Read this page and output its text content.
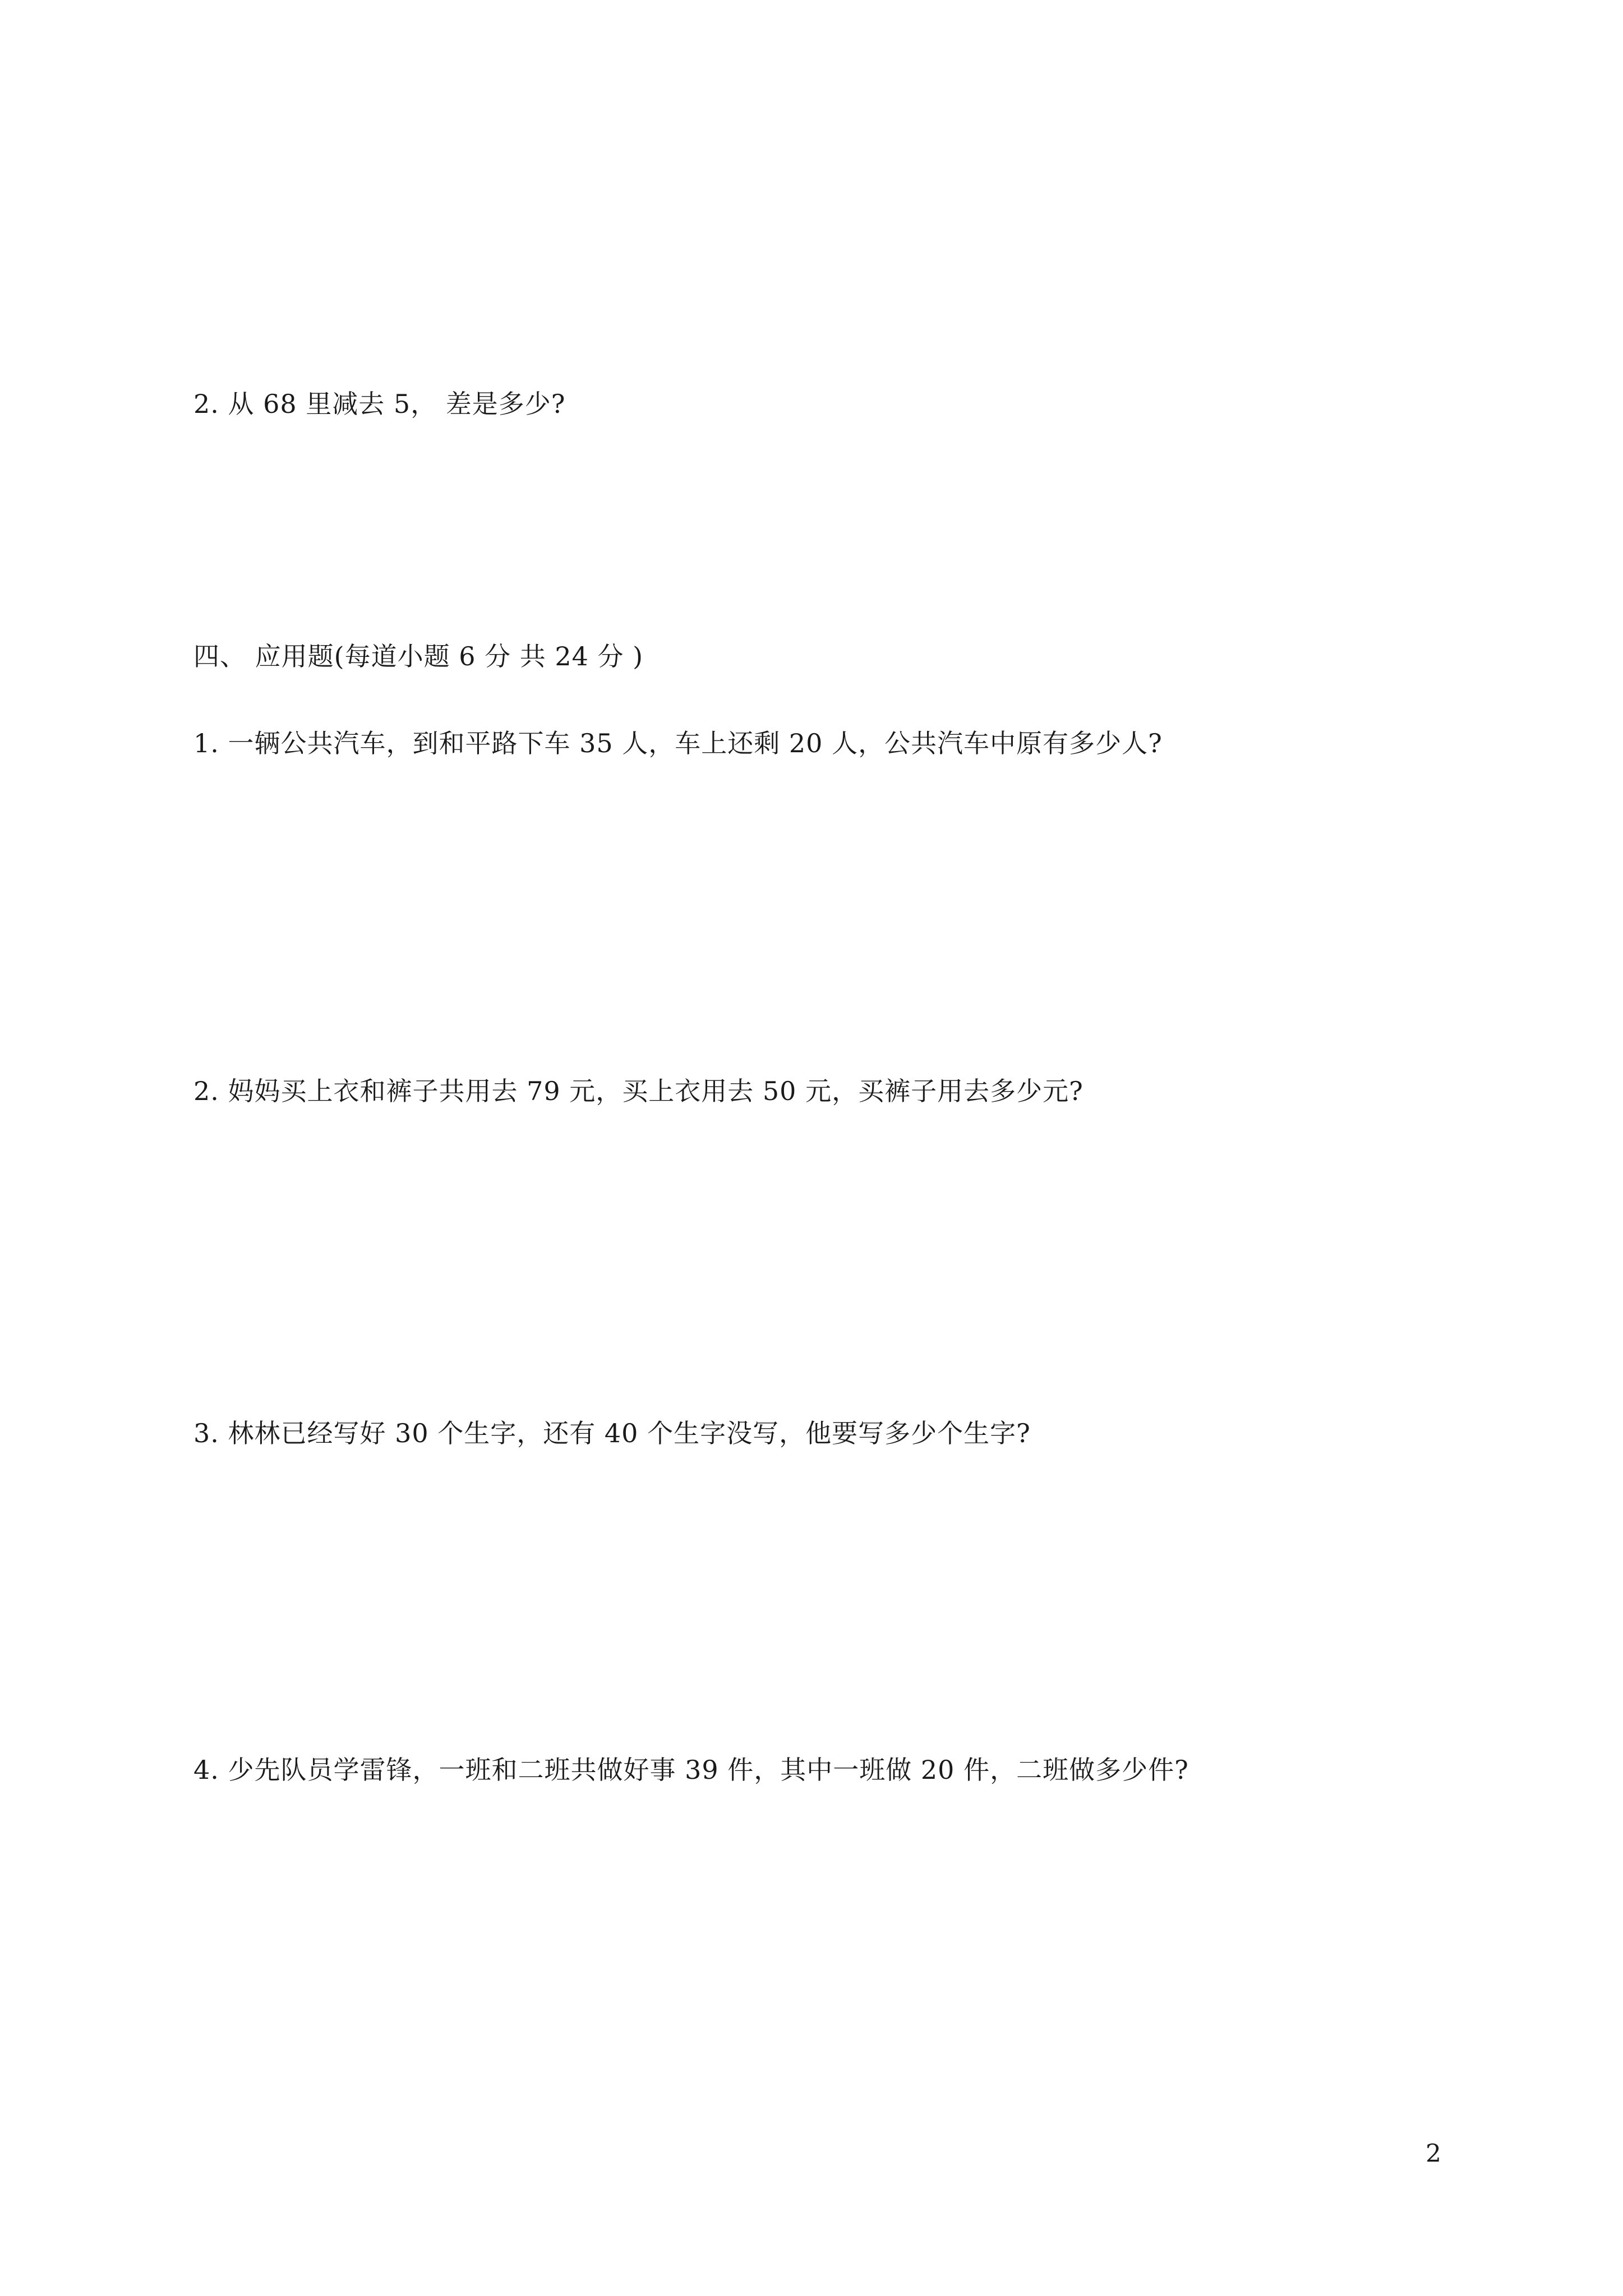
2. 从 68 里减去 5， 差是多少?
四、 应用题(每道小题 6 分 共 24 分 )
1. 一辆公共汽车，到和平路下车 35 人，车上还剩 20 人，公共汽车中原有多少人?
2. 妈妈买上衣和裤子共用去 79 元，买上衣用去 50 元，买裤子用去多少元?
3. 林林已经写好 30 个生字，还有 40 个生字没写，他要写多少个生字?
4. 少先队员学雷锋，一班和二班共做好事 39 件，其中一班做 20 件，二班做多少件?
2
